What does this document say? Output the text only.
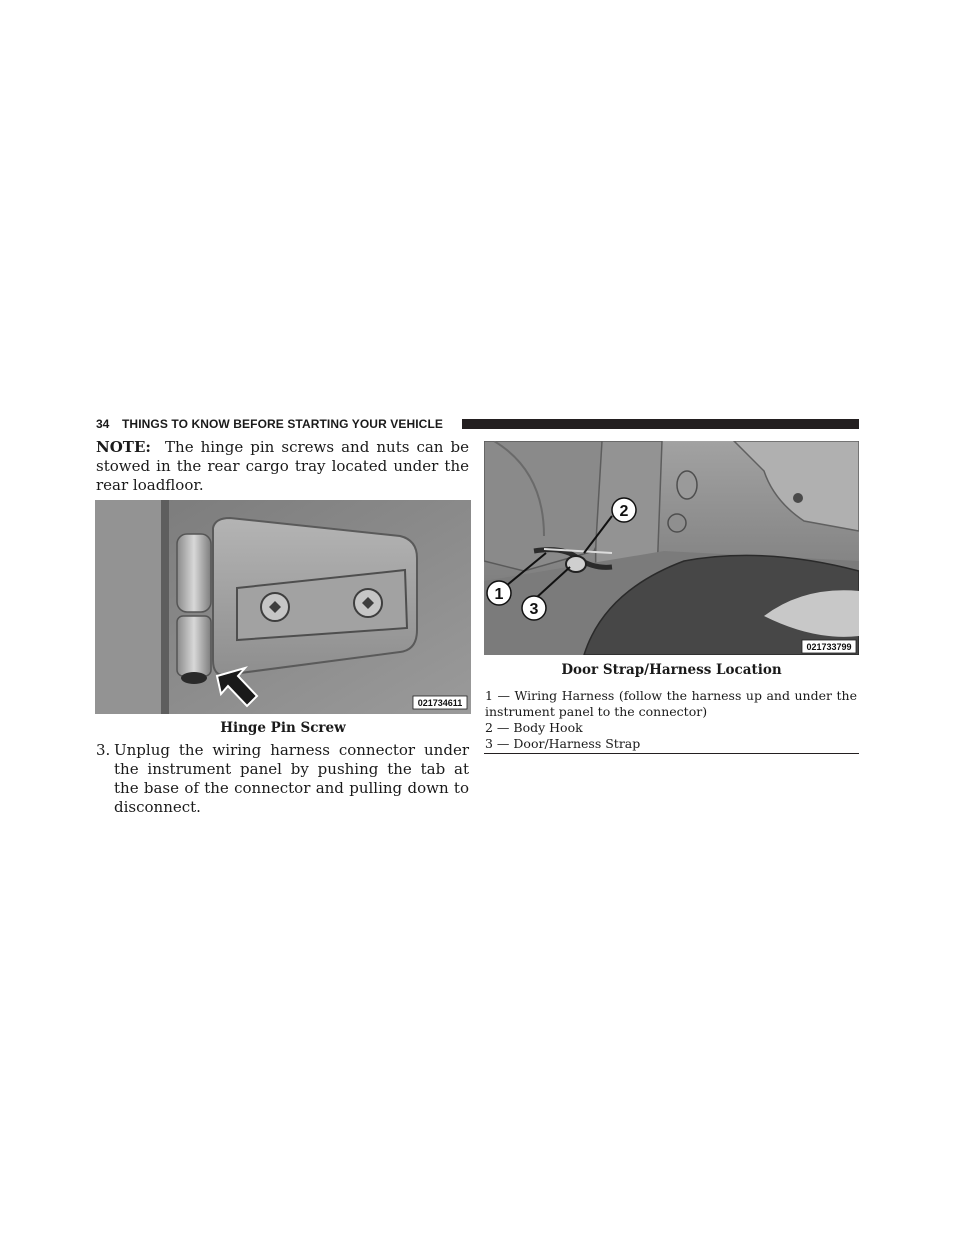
34 THINGS TO KNOW BEFORE STARTING YOUR VEHICLE
NOTE: The hinge pin screws and nuts can be stowed in the rear cargo tray located under the rear loadfloor.
021734611
Hinge Pin Screw
3. Unplug the wiring harness connector under the instrument panel by pushing the tab at the base of the connector and pulling down to disconnect.
1
2
3
021733799
Door Strap/Harness Location
1 — Wiring Harness (follow the harness up and under the instrument panel to the connector)
2 — Body Hook
3 — Door/Harness Strap
